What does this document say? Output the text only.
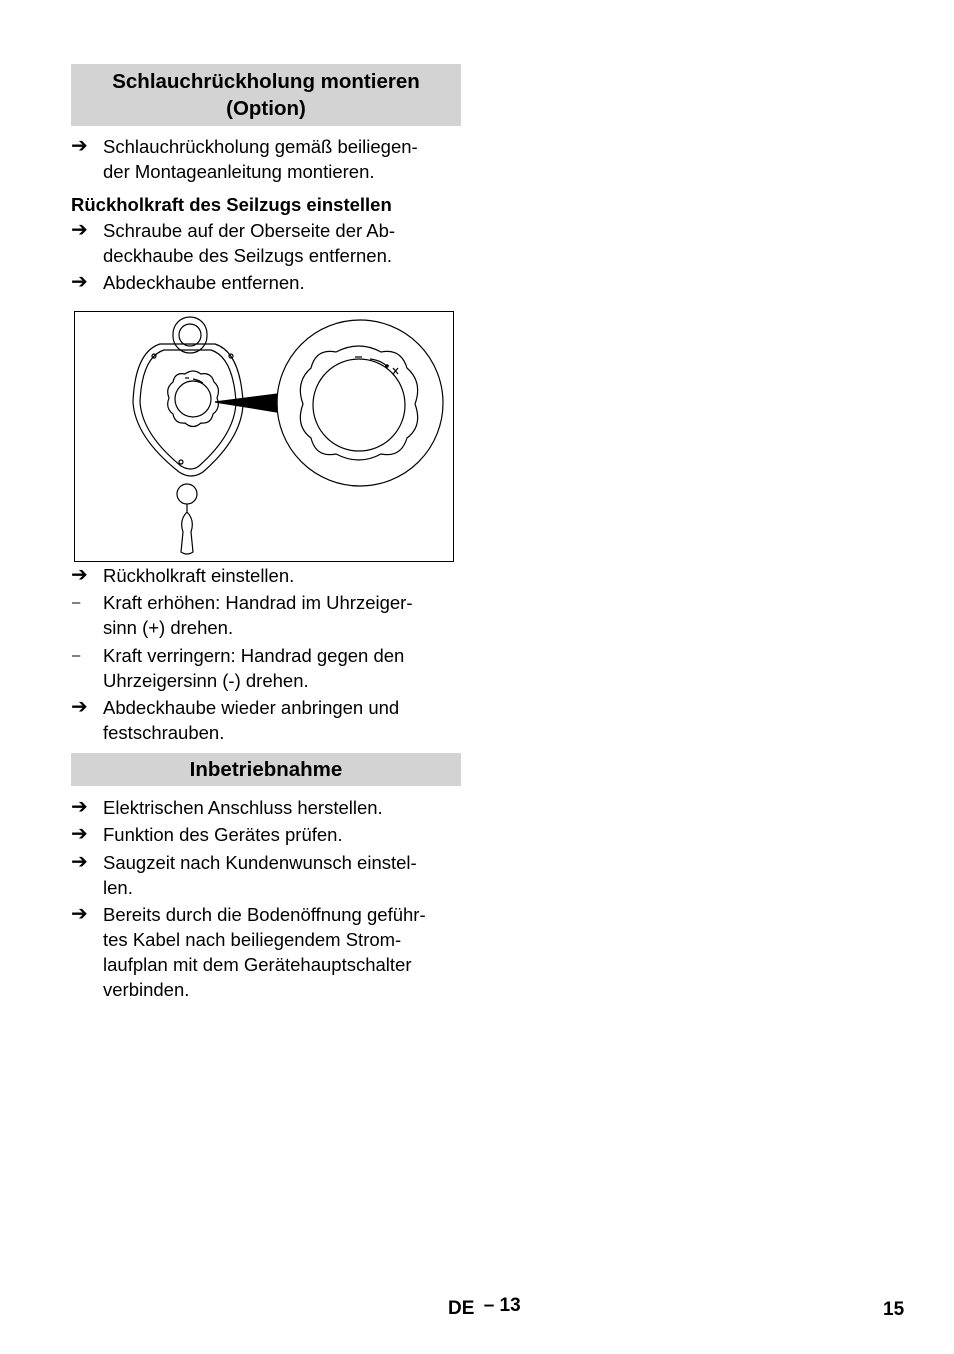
Schlauchrückholung montieren (Option)
➔ Schlauchrückholung gemäß beiliegen-
der Montageanleitung montieren.
Rückholkraft des Seilzugs einstellen
➔ Schraube auf der Oberseite der Ab-
deckhaube des Seilzugs entfernen.
➔ Abdeckhaube entfernen.
➔ Rückholkraft einstellen.
–	Kraft erhöhen: Handrad im Uhrzeiger-
sinn (+) drehen.
–	Kraft verringern: Handrad gegen den
Uhrzeigersinn (-) drehen.
➔ Abdeckhaube wieder anbringen und
festschrauben.
Inbetriebnahme
➔ Elektrischen Anschluss herstellen.
➔ Funktion des Gerätes prüfen.
➔ Saugzeit nach Kundenwunsch einstel-
len.
➔ Bereits durch die Bodenöffnung geführ-
tes Kabel nach beiliegendem Strom-
laufplan mit dem Gerätehauptschalter
verbinden.
DE – 13	15
